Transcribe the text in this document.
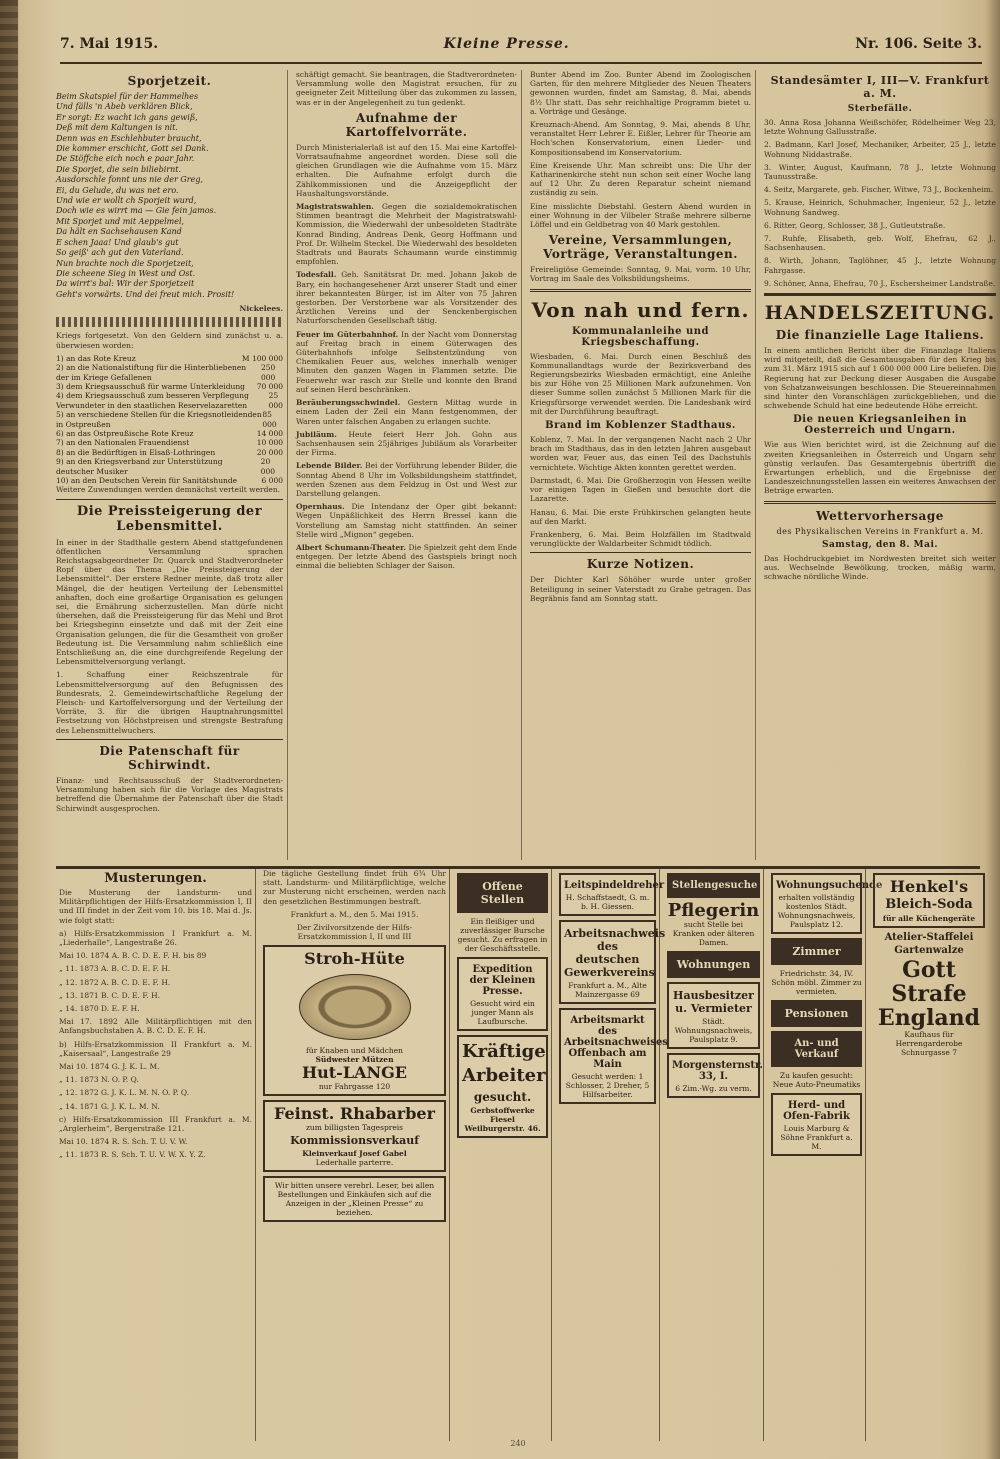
7. Mai 1915.	Kleine Presse.	Nr. 106. Seite 3.
Sporjetzeit.
Beim Skatspiel für der Hammelhes
Und fälls 'n Abeb verklären Blick,
Er sorgt: Ez wacht ich gans gewiß,
Deß mit dem Kaltungen is nit.
Denn was en Eschlehbuter braucht,
Die kommer erschicht, Gott sei Dank.
De Stöffche eich noch e paar Jahr.
Die Sporjet, die sein biliebirnt.
Ausdorschle fonnt uns nie der Greg,
Ei, du Gelude, du was net ero.
Und wie er wollt ch Sporjeit wurd,
Doch wie es wirrt ma — Gie fein jamos.
Mit Sporjet und mit Aeppelmel,
Da hält en Sachsehausen Kand
E schen Jaaa! Und glaub's gut
So geiß' ach gut den Vaterland.
Nun brachte noch die Sporjetzeit,
Die scheene Sieg in West und Ost.
Da wirrt's bal: Wir der Sporjetzeit
Geht's vorwärts. Und dei freut mich. Prosit!
Nickelees.
Kriegs fortgesetzt. Von den Geldern sind zunächst u. a. überwiesen worden:
1) an das Rote Kreuz	M 100 000
2) an die Nationalstiftung für die Hinterbliebenen der im Kriege Gefallenen
250 000
3) dem Kriegsausschuß für warme Unterkleidung 70 000
4) dem Kriegsausschuß zum besseren Verpflegung Verwundeter in den staatlichen Reservelazaretten
25 000
5) an verschiedene Stellen für die Kriegsnotleidenden in Ostpreußen
85 000
6) an das Ostpreußische Rote Kreuz	14 000
7) an den Nationalen Frauendienst	10 000
8) an die Bedürftigen in Elsaß-Lothringen	20 000
9) an den Kriegsverband zur Unterstützung deutscher Musiker
20 000
10) an den Deutschen Verein für Sanitätshunde	6 000
Weitere Zuwendungen werden demnächst verteilt werden.
Die Preissteigerung der Lebensmittel.
In einer in der Stadthalle gestern Abend stattgefundenen öffentlichen Versammlung sprachen Reichstagsabgeordneter Dr. Quarck und Stadtverordneter Ropf über das Thema „Die Preissteigerung der Lebensmittel“. Der erstere Redner meinte, daß trotz aller Mängel, die der heutigen Verteilung der Lebensmittel anhaften, doch eine großartige Organisation es gelungen sei, die Ernährung sicherzustellen. Man dürfe nicht übersehen, daß die Preissteigerung für das Mehl und Brot bei Kriegsbeginn einsetzte und daß mit der Zeit eine Organisation gelungen, die für die Gesamtheit von großer Bedeutung ist. Die Versammlung nahm schließlich eine Entschließung an, die eine durchgreifende Regelung der Lebensmittelversorgung verlangt.
1. Schaffung einer Reichszentrale für Lebensmittelversorgung auf den Befugnissen des Bundesrats, 2. Gemeindewirtschaftliche Regelung der Fleisch- und Kartoffelversorgung und der Verteilung der Vorräte, 3. für die übrigen Hauptnahrungsmittel Festsetzung von Höchstpreisen und strengste Bestrafung des Lebensmittelwuchers.
Die Patenschaft für Schirwindt.
Finanz- und Rechtsausschuß der Stadtverordneten-Versammlung haben sich für die Vorlage des Magistrats betreffend die Übernahme der Patenschaft über die Stadt Schirwindt ausgesprochen.
schäftigt gemacht. Sie beantragen, die Stadtverordneten-Versammlung wolle den Magistrat ersuchen, für zu geeigneter Zeit Mitteilung über das zukommen zu lassen, was er in der Angelegenheit zu tun gedenkt.
Aufnahme der Kartoffelvorräte.
Durch Ministerialerlaß ist auf den 15. Mai eine Kartoffel-Vorratsaufnahme angeordnet worden. Diese soll die gleichen Grundlagen wie die Aufnahme vom 15. März erhalten. Die Aufnahme erfolgt durch die Zählkommissionen und die Anzeigepflicht der Haushaltungsvorstände.
Magistratswahlen. Gegen die sozialdemokratischen Stimmen beantragt die Mehrheit der Magistratswahl-Kommission, die Wiederwahl der unbesoldeten Stadträte Konrad Binding, Andreas Denk, Georg Hoffmann und Prof. Dr. Wilhelm Steckel. Die Wiederwahl des besoldeten Stadtrats und Baurats Schaumann wurde einstimmig empfohlen.
Todesfall. Geh. Sanitätsrat Dr. med. Johann Jakob de Bary, ein hochangesehener Arzt unserer Stadt und einer ihrer bekanntesten Bürger, ist im Alter von 75 Jahren gestorben. Der Verstorbene war als Vorsitzender des Ärztlichen Vereins und der Senckenbergischen Naturforschenden Gesellschaft tätig.
Feuer im Güterbahnhof. In der Nacht vom Donnerstag auf Freitag brach in einem Güterwagen des Güterbahnhofs infolge Selbstentzündung von Chemikalien Feuer aus, welches innerhalb weniger Minuten den ganzen Wagen in Flammen setzte. Die Feuerwehr war rasch zur Stelle und konnte den Brand auf seinen Herd beschränken.
Beräuberungsschwindel. Gestern Mittag wurde in einem Laden der Zeil ein Mann festgenommen, der Waren unter falschen Angaben zu erlangen suchte.
Jubiläum. Heute feiert Herr Joh. Gohn aus Sachsenhausen sein 25jähriges Jubiläum als Vorarbeiter der Firma.
Lebende Bilder. Bei der Vorführung lebender Bilder, die Sonntag Abend 8 Uhr im Volksbildungsheim stattfindet, werden Szenen aus dem Feldzug in Ost und West zur Darstellung gelangen.
Opernhaus. Die Intendanz der Oper gibt bekannt: Wegen Unpäßlichkeit des Herrn Bressel kann die Vorstellung am Samstag nicht stattfinden. An seiner Stelle wird „Mignon“ gegeben.
Albert Schumann-Theater. Die Spielzeit geht dem Ende entgegen. Der letzte Abend des Gastspiels bringt noch einmal die beliebten Schlager der Saison.
Bunter Abend im Zoo. Bunter Abend im Zoologischen Garten, für den mehrere Mitglieder des Neuen Theaters gewonnen wurden, findet am Samstag, 8. Mai, abends 8½ Uhr statt. Das sehr reichhaltige Programm bietet u. a. Vorträge und Gesänge.
Kreuznach-Abend. Am Sonntag, 9. Mai, abends 8 Uhr, veranstaltet Herr Lehrer E. Eißler, Lehrer für Theorie am Hoch'schen Konservatorium, einen Lieder- und Kompositionsabend im Konservatorium.
Eine Kreisende Uhr. Man schreibt uns: Die Uhr der Katharinenkirche steht nun schon seit einer Woche lang auf 12 Uhr. Zu deren Reparatur scheint niemand zuständig zu sein.
Eine misslichte Diebstahl. Gestern Abend wurden in einer Wohnung in der Vilbeler Straße mehrere silberne Löffel und ein Geldbetrag von 40 Mark gestohlen.
Vereine, Versammlungen, Vorträge, Veranstaltungen.
Freireligiöse Gemeinde: Sonntag, 9. Mai, vorm. 10 Uhr, Vortrag im Saale des Volksbildungsheims.
Von nah und fern.
Kommunalanleihe und Kriegsbeschaffung.
Wiesbaden, 6. Mai. Durch einen Beschluß des Kommunallandtags wurde der Bezirksverband des Regierungsbezirks Wiesbaden ermächtigt, eine Anleihe bis zur Höhe von 25 Millionen Mark aufzunehmen. Von dieser Summe sollen zunächst 5 Millionen Mark für die Kriegsfürsorge verwendet werden. Die Landesbank wird mit der Durchführung beauftragt.
Brand im Koblenzer Stadthaus.
Koblenz, 7. Mai. In der vergangenen Nacht nach 2 Uhr brach im Stadthaus, das in den letzten Jahren ausgebaut worden war, Feuer aus, das einen Teil des Dachstuhls vernichtete. Wichtige Akten konnten gerettet werden.
Darmstadt, 6. Mai. Die Großherzogin von Hessen weilte vor einigen Tagen in Gießen und besuchte dort die Lazarette.
Hanau, 6. Mai. Die erste Frühkirschen gelangten heute auf den Markt.
Frankenberg, 6. Mai. Beim Holzfällen im Stadtwald verunglückte der Waldarbeiter Schmidt tödlich.
Kurze Notizen.
Der Dichter Karl Söhöher wurde unter großer Beteiligung in seiner Vaterstadt zu Grabe getragen. Das Begräbnis fand am Sonntag statt.
Standesämter I, III—V. Frankfurt a. M.
Sterbefälle.
30. Anna Rosa Johanna Weißschöfer, Rödelheimer Weg 23, letzte Wohnung Gallusstraße.
2. Badmann, Karl Josef, Mechaniker, Arbeiter, 25 J., letzte Wohnung Niddastraße.
3. Winter, August, Kaufmann, 78 J., letzte Wohnung Taunusstraße.
4. Seitz, Margarete, geb. Fischer, Witwe, 73 J., Bockenheim.
5. Krause, Heinrich, Schuhmacher, Ingenieur, 52 J., letzte Wohnung Sandweg.
6. Ritter, Georg, Schlosser, 38 J., Gutleutstraße.
7. Ruhfe, Elisabeth, geb. Wolf, Ehefrau, 62 J., Sachsenhausen.
8. Wirth, Johann, Taglöhner, 45 J., letzte Wohnung Fahrgasse.
9. Schöner, Anna, Ehefrau, 70 J., Eschersheimer Landstraße.
HANDELSZEITUNG.
Die finanzielle Lage Italiens.
In einem amtlichen Bericht über die Finanzlage Italiens wird mitgeteilt, daß die Gesamtausgaben für den Krieg bis zum 31. März 1915 sich auf 1 600 000 000 Lire beliefen. Die Regierung hat zur Deckung dieser Ausgaben die Ausgabe von Schatzanweisungen beschlossen. Die Steuereinnahmen sind hinter den Voranschlägen zurückgeblieben, und die schwebende Schuld hat eine bedeutende Höhe erreicht.
Die neuen Kriegsanleihen in Oesterreich und Ungarn.
Wie aus Wien berichtet wird, ist die Zeichnung auf die zweiten Kriegsanleihen in Österreich und Ungarn sehr günstig verlaufen. Das Gesamtergebnis übertrifft die Erwartungen erheblich, und die Ergebnisse der Landeszeichnungsstellen lassen ein weiteres Anwachsen der Beträge erwarten.
Wettervorhersage
des Physikalischen Vereins in Frankfurt a. M.
Samstag, den 8. Mai.
Das Hochdruckgebiet im Nordwesten breitet sich weiter aus. Wechselnde Bewölkung, trocken, mäßig warm, schwache nördliche Winde.
Musterungen.
Die Musterung der Landsturm- und Militärpflichtigen der Hilfs-Ersatzkommission I, II und III findet in der Zeit vom 10. bis 18. Mai d. Js. wie folgt statt:
a) Hilfs-Ersatzkommission I Frankfurt a. M. „Liederhalle“, Langestraße 26.
Mai 10. 1874 A. B. C. D. E. F. H. bis 89
„ 11. 1873 A. B. C. D. E. F. H.
„ 12. 1872 A. B. C. D. E. F. H.
„ 13. 1871 B. C. D. E. F. H.
„ 14. 1870 D. E. F. H.
Mai 17. 1892 Alle Militärpflichtigen mit den Anfangsbuchstaben A. B. C. D. E. F. H.
b) Hilfs-Ersatzkommission II Frankfurt a. M. „Kaisersaal“, Langestraße 29
Mai 10. 1874 G. J. K. L. M.
„ 11. 1873 N. O. P. Q.
„ 12. 1872 G. J. K. L. M. N. O. P. Q.
„ 14. 1871 G. J. K. L. M. N.
c) Hilfs-Ersatzkommission III Frankfurt a. M. „Arglerheim“, Bergerstraße 121.
Mai 10. 1874 R. S. Sch. T. U. V. W.
„ 11. 1873 R. S. Sch. T. U. V. W. X. Y. Z.
Die tägliche Gestellung findet früh 6¾ Uhr statt. Landsturm- und Militärpflichtige, welche zur Musterung nicht erscheinen, werden nach den gesetzlichen Bestimmungen bestraft.
Frankfurt a. M., den 5. Mai 1915.
Der Zivilvorsitzende der Hilfs-Ersatzkommission I, II und III
Stroh-Hüte
für Knaben und Mädchen
Südwester Mützen
Hut-LANGE
nur Fahrgasse 120
Feinst. Rhabarber
zum billigsten Tagespreis
Kommissionsverkauf
Kleinverkauf Josef Gabel
Lederhalle parterre.
Wir bitten unsere verehrl. Leser, bei allen Bestellungen und Einkäufen sich auf die Anzeigen in der „Kleinen Presse“ zu beziehen.
Offene Stellen
Ein fleißiger und zuverlässiger Bursche gesucht. Zu erfragen in der Geschäftsstelle.
Expedition der Kleinen Presse.
Gesucht wird ein junger Mann als Laufbursche.
Kräftige Arbeiter
gesucht.
Gerbstoffwerke Fiesel Weilburgerstr. 46.
Leitspindeldreher
H. Schaffstaedt, G. m. b. H. Giessen.
Arbeitsnachweis des deutschen Gewerkvereins
Frankfurt a. M., Alte Mainzergasse 69
Arbeitsmarkt des Arbeitsnachweises Offenbach am Main
Gesucht werden: 1 Schlosser, 2 Dreher, 5 Hilfsarbeiter.
Stellengesuche
Pflegerin
sucht Stelle bei Kranken oder älteren Damen.
Wohnungen
Hausbesitzer u. Vermieter
Städt. Wohnungsnachweis, Paulsplatz 9.
Morgensternstr. 33, I.
6 Zim.-Wg. zu verm.
Wohnungsuchende
erhalten vollständig kostenlos Städt. Wohnungsnachweis, Paulsplatz 12.
Zimmer
Friedrichstr. 34, IV. Schön möbl. Zimmer zu vermieten.
Pensionen
An- und Verkauf
Zu kaufen gesucht: Neue Auto-Pneumatiks
Herd- und Ofen-Fabrik
Louis Marburg & Söhne Frankfurt a. M.
Henkel's
Bleich-Soda
für alle Küchengeräte
Atelier-Staffelei
Gartenwalze
Gott
Strafe
England
Kaufhaus für Herrengarderobe Schnurgasse 7
240
